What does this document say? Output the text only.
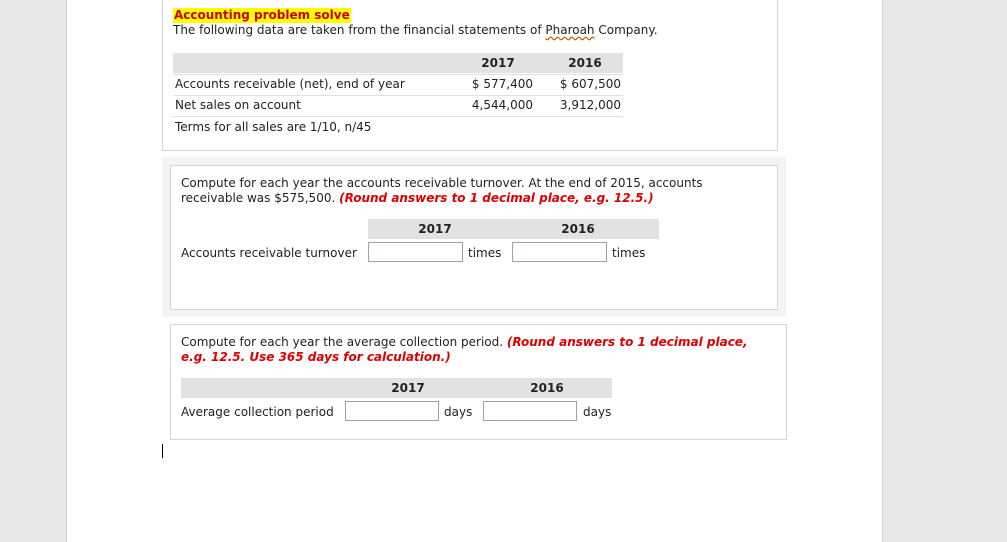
Accounting problem solve
The following data are taken from the financial statements of Pharoah Company.
2017	2016
Accounts receivable (net), end of year	$ 577,400	$ 607,500
Net sales on account	4,544,000	3,912,000
Terms for all sales are 1/10, n/45
Compute for each year the accounts receivable turnover. At the end of 2015, accounts
receivable was $575,500. (Round answers to 1 decimal place, e.g. 12.5.)
2017	2016
Accounts receivable turnover	times	times
Compute for each year the average collection period. (Round answers to 1 decimal place,
e.g. 12.5. Use 365 days for calculation.)
2017	2016
Average collection period	days	days
